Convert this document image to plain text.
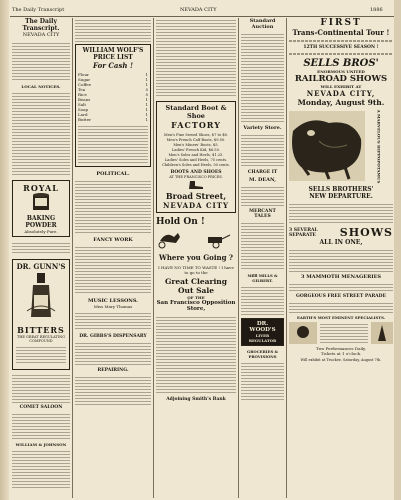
The Daily Transcript	NEVADA CITY	1886
The Daily Transcript.
NEVADA CITY
LOCAL NOTICES.
ROYAL
BAKING
POWDER
Absolutely Pure.
DR. GUNN'S
BITTERS
THE GREAT REGULATING COMPOUND
COMET SALOON
WILLIAM & JOHNSON
WILLIAM WOLF'S
PRICE LIST
For Cash !
Flour	1
Sugar	1
Coffee	1
Tea	5
Rice	5
Beans	1
Salt	1
Soap	1
Lard	1
Butter	1
POLITICAL.
FANCY WORK
MUSIC LESSONS.
Miss Mary Thomas
DR. GIBBS'S DISPENSARY
REPAIRING.
Standard Boot & Shoe
FACTORY
Men's Fine Sewed Shoes, $7 to $8.
Men's French Calf Boots, $9.50.
Men's Miners' Boots, $5.
Ladies' French Kid, $6.50.
Men's Soles and Heels, $1.25.
Ladies' Soles and Heels, 75 cents.
Children's Soles and Heels, 50 cents.
BOOTS AND SHOES
AT THE FRANCISCO PRICES.
Broad Street,
NEVADA CITY
Hold On !
Where you Going ?
I HAVE NO TIME TO WASTE ! I have to go to the
Great Clearing Out Sale
OF THE
San Francisco Opposition Store,
Adjoining Smith's Bank
Standard Auction
Variety Store.
CHARGE IT
M. DEAN,
MERCANT TALES
Milll MILLS & GILBERT.
DR. WOOD'S
LIVER REGULATOR
GROCERIES & PROVISIONS
FIRST
Trans-Continental Tour !
12TH SUCCESSIVE SEASON !
SELLS BROS'
ENORMOUS UNITED
RAILROAD SHOWS
WILL EXHIBIT AT
NEVADA CITY,
Monday, August 9th.
A MARVELOUS HIPPOPOTAMUS
SELLS BROTHERS'
NEW DEPARTURE.
3 SEVERAL
SEPARATE SHOWS
ALL IN ONE,
3 MAMMOTH MENAGERIES
GORGEOUS FREE STREET PARADE
EARTH'S MOST EMINENT SPECIALISTS.
Two Performances Daily.
Tickets at 1 o'clock.
Will exhibit at Truckee, Saturday, August 7th.
